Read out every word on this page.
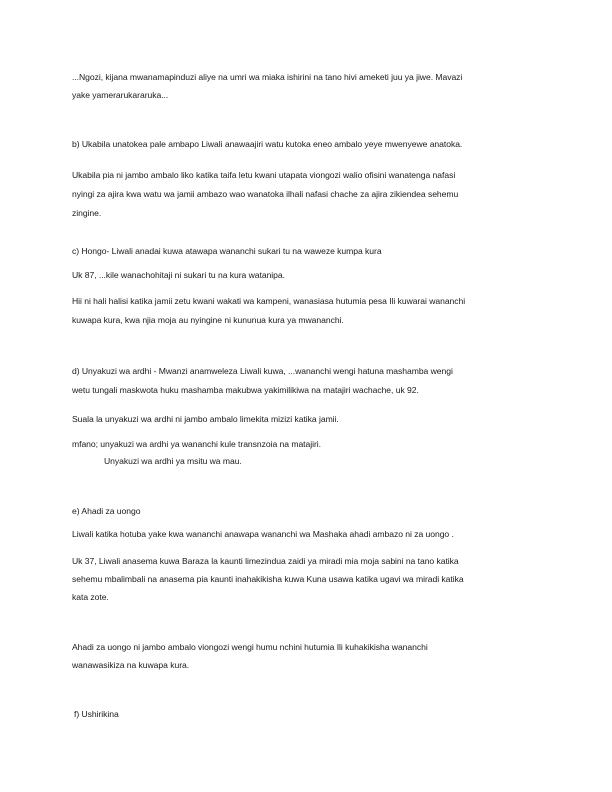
...Ngozi, kijana mwanamapinduzi aliye na umri wa miaka ishirini na tano hivi ameketi juu ya jiwe. Mavazi
yake yamerarukararuka...
b) Ukabila unatokea pale ambapo Liwali anawaajiri watu kutoka eneo ambalo yeye mwenyewe anatoka.
Ukabila pia ni jambo ambalo liko katika taifa letu kwani utapata viongozi walio ofisini wanatenga nafasi
nyingi za ajira kwa watu wa jamii ambazo wao wanatoka ilhali nafasi chache za ajira zikiendea sehemu
zingine.
c) Hongo- Liwali anadai kuwa atawapa wananchi sukari tu na waweze kumpa kura
Uk 87, ...kile wanachohitaji ni sukari tu na kura watanipa.
Hii ni hali halisi katika jamii zetu kwani wakati wa kampeni, wanasiasa hutumia pesa Ili kuwarai wananchi
kuwapa kura, kwa njia moja au nyingine ni kununua kura ya mwananchi.
d) Unyakuzi wa ardhi - Mwanzi anamweleza Liwali kuwa, ...wananchi wengi hatuna mashamba wengi
wetu tungali maskwota huku mashamba makubwa yakimilikiwa na matajiri wachache, uk 92.
Suala la unyakuzi wa ardhi ni jambo ambalo limekita mizizi katika jamii.
mfano; unyakuzi wa ardhi ya wananchi kule transnzoia na matajiri.
Unyakuzi wa ardhi ya msitu wa mau.
e) Ahadi za uongo
Liwali katika hotuba yake kwa wananchi anawapa wananchi wa Mashaka ahadi ambazo ni za uongo .
Uk 37, Liwali anasema kuwa Baraza la kaunti limezindua zaidi ya miradi mia moja sabini na tano katika
sehemu mbalimbali na anasema pia kaunti inahakikisha kuwa Kuna usawa katika ugavi wa miradi katika
kata zote.
Ahadi za uongo ni jambo ambalo viongozi wengi humu nchini hutumia Ili kuhakikisha wananchi
wanawasikiza na kuwapa kura.
f) Ushirikina
